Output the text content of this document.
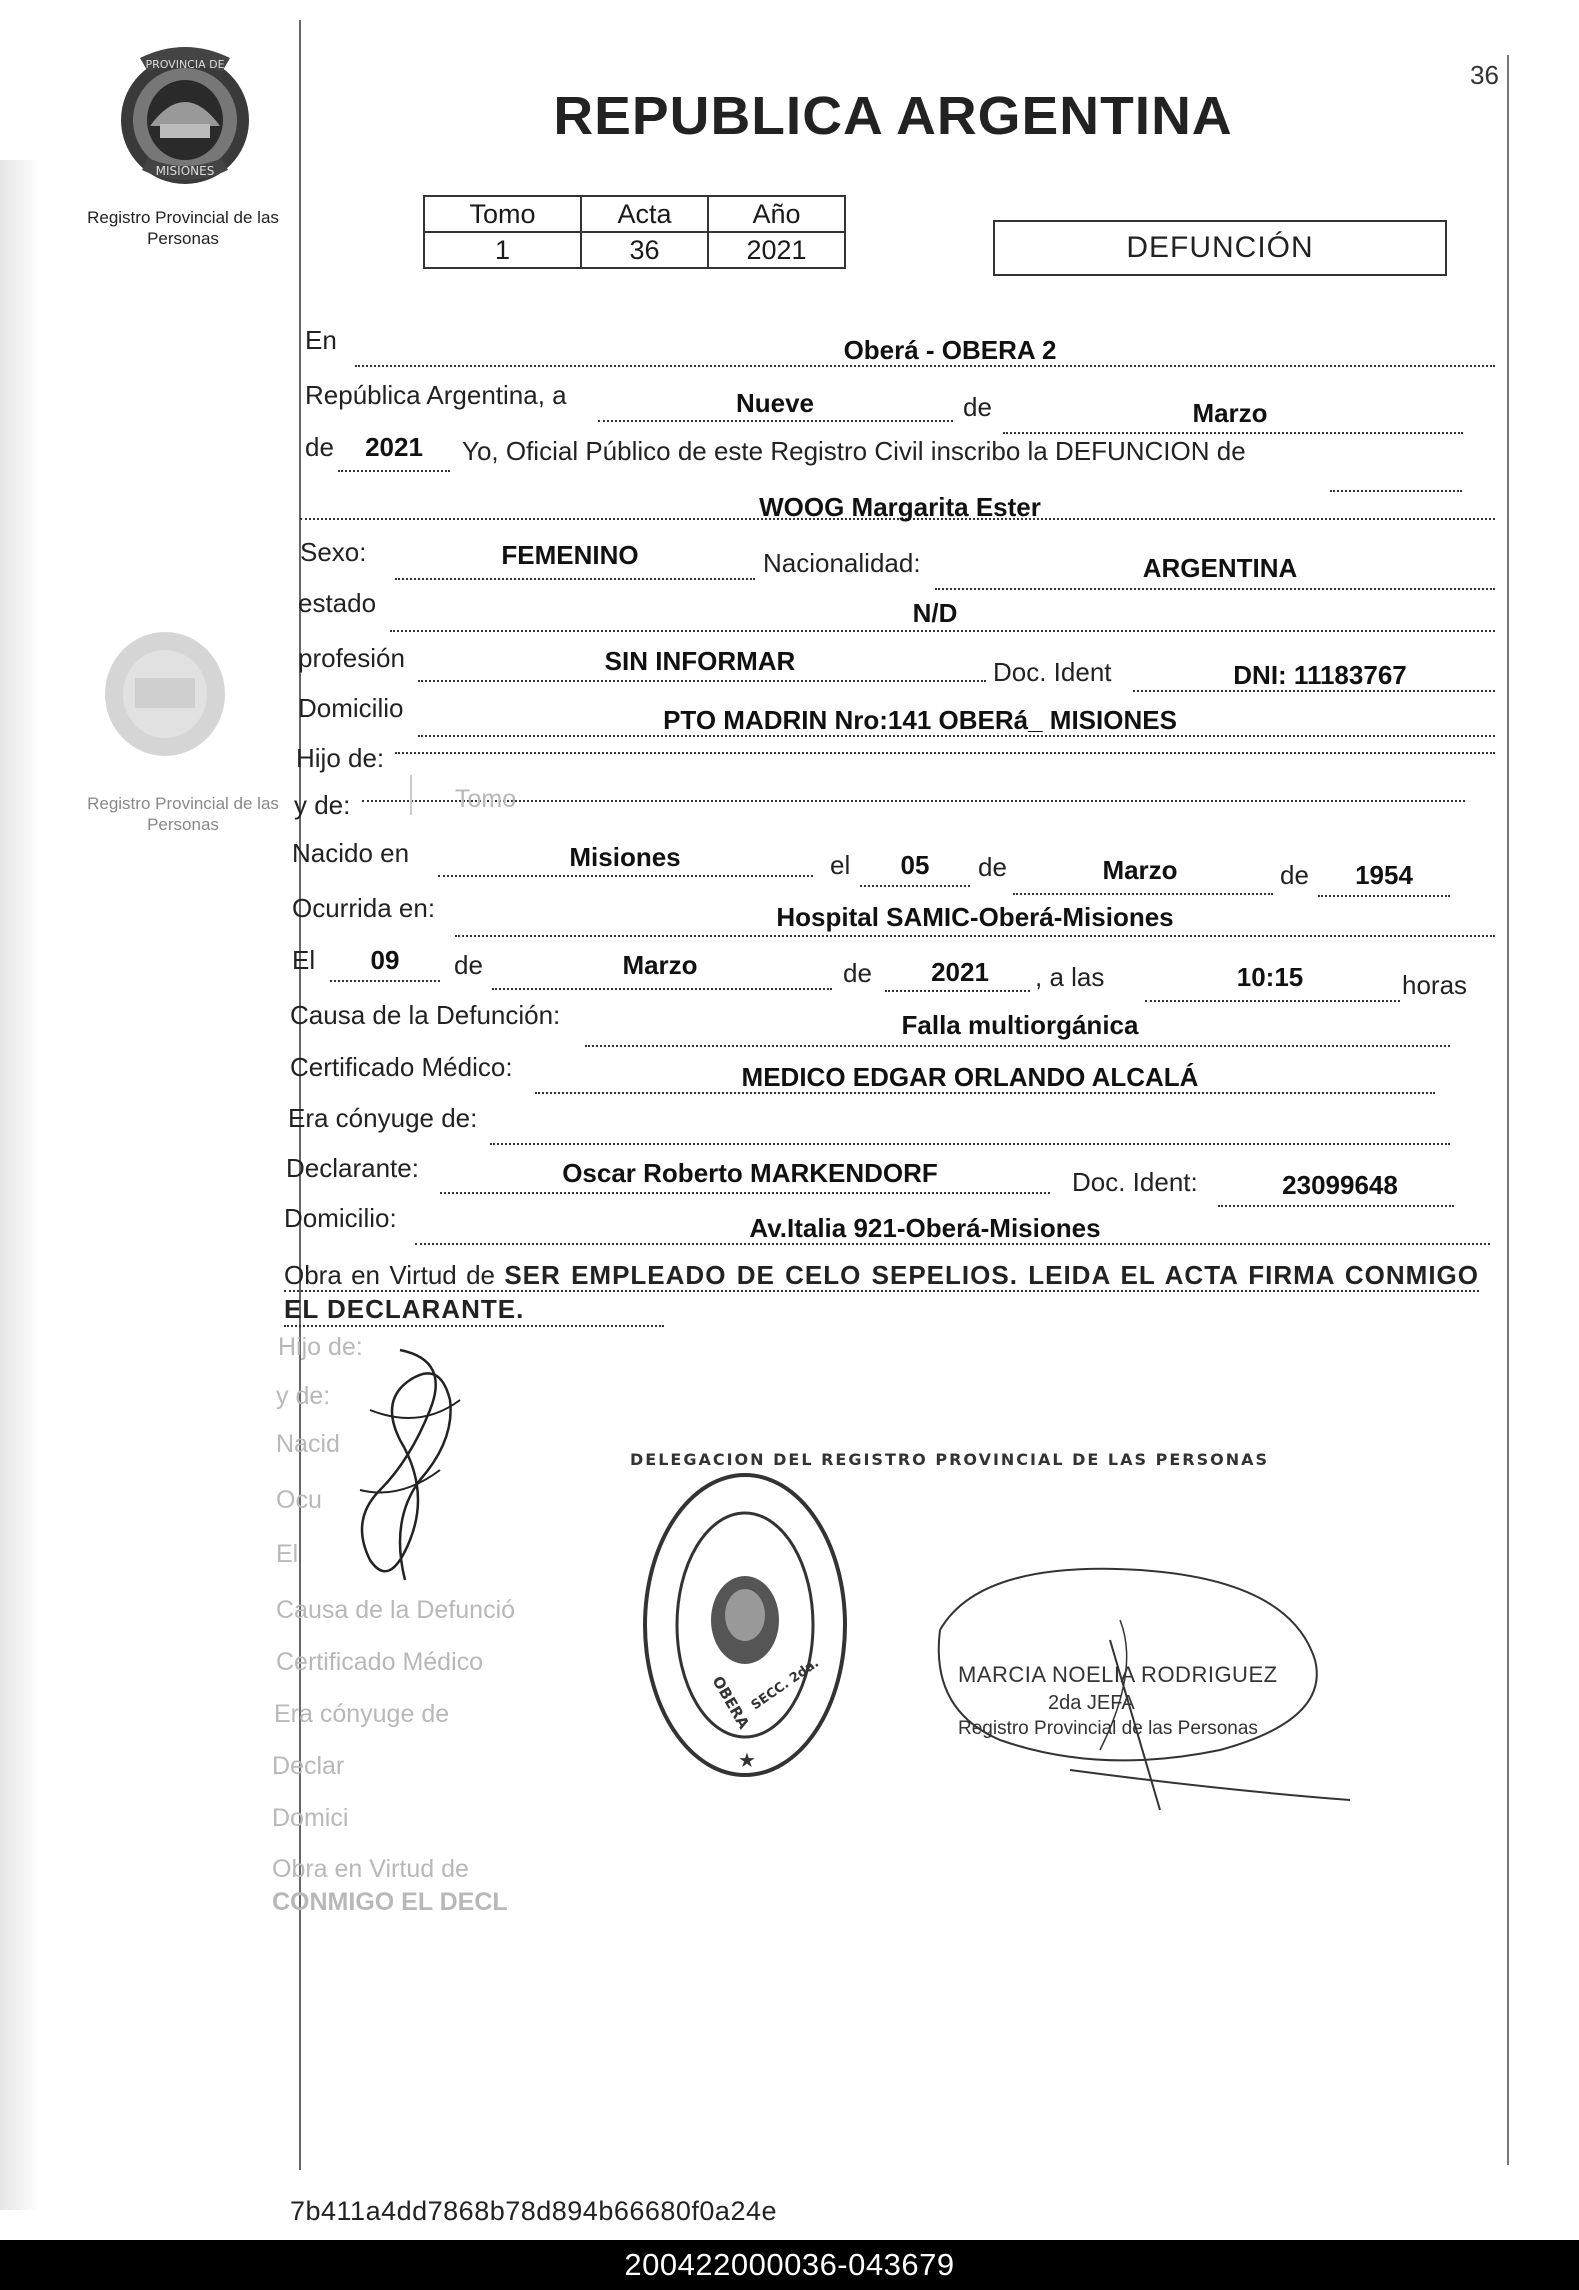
36
PROVINCIA DE
MISIONES
Registro Provincial de las Personas
Registro Provincial de las Personas
REPUBLICA ARGENTINA
Tomo	Acta	Año
1	36	2021	DEFUNCIÓN
En	Oberá - OBERA 2
República Argentina, a	Nueve	de	Marzo
de	2021	Yo, Oficial Público de este Registro Civil inscribo la DEFUNCION de
WOOG Margarita Ester
Sexo:	FEMENINO	Nacionalidad:	ARGENTINA
estado	N/D
profesión	SIN INFORMAR	Doc. Ident	DNI: 11183767
Domicilio	PTO MADRIN Nro:141 OBERá_ MISIONES
Hijo de:
y de:	Tomo
Nacido en	Misiones	el	05	de	Marzo	de	1954
Ocurrida en:	Hospital SAMIC-Oberá-Misiones
El	09	de	Marzo	de	2021	, a las	10:15	horas
Causa de la Defunción:	Falla multiorgánica
Certificado Médico:	MEDICO EDGAR ORLANDO ALCALÁ
Era cónyuge de:
Declarante:	Oscar Roberto MARKENDORF	Doc. Ident:	23099648
Domicilio:	Av.Italia 921-Oberá-Misiones
Obra en Virtud de SER EMPLEADO DE CELO SEPELIOS. LEIDA EL ACTA FIRMA CONMIGO EL DECLARANTE.
Hijo de:
y de:
Nacid
Ocu
El
Causa de la Defunció
Certificado Médico
Era cónyuge de
Declar
Domici
Obra en Virtud de
CONMIGO EL DECL
DELEGACION DEL REGISTRO PROVINCIAL DE LAS PERSONAS
OBERA
SECC. 2da.
★
MARCIA NOELIA RODRIGUEZ
2da JEFA
Registro Provincial de las Personas
7b411a4dd7868b78d894b66680f0a24e
200422000036-043679
